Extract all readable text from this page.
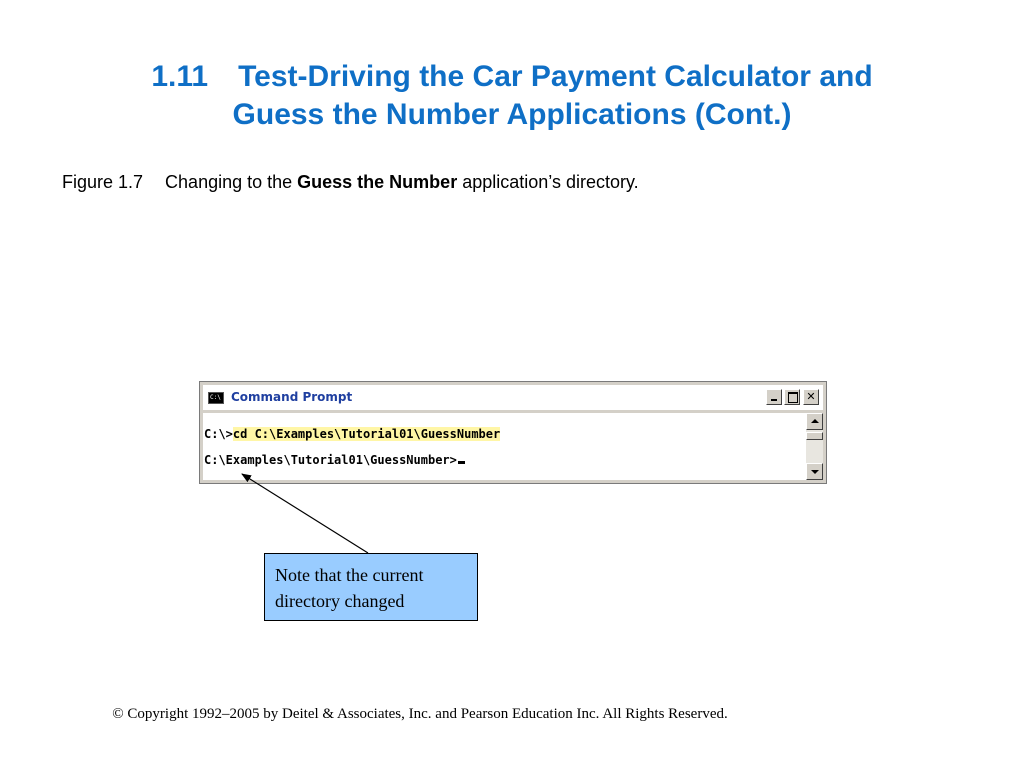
1.11 Test-Driving the Car Payment Calculator and
Guess the Number Applications (Cont.)
Figure 1.7 Changing to the Guess the Number application’s directory.
C:\ Command Prompt	✕
C:\>cd C:\Examples\Tutorial01\GuessNumber
C:\Examples\Tutorial01\GuessNumber>
Note that the current
directory changed
© Copyright 1992–2005 by Deitel & Associates, Inc. and Pearson Education Inc. All Rights Reserved.
